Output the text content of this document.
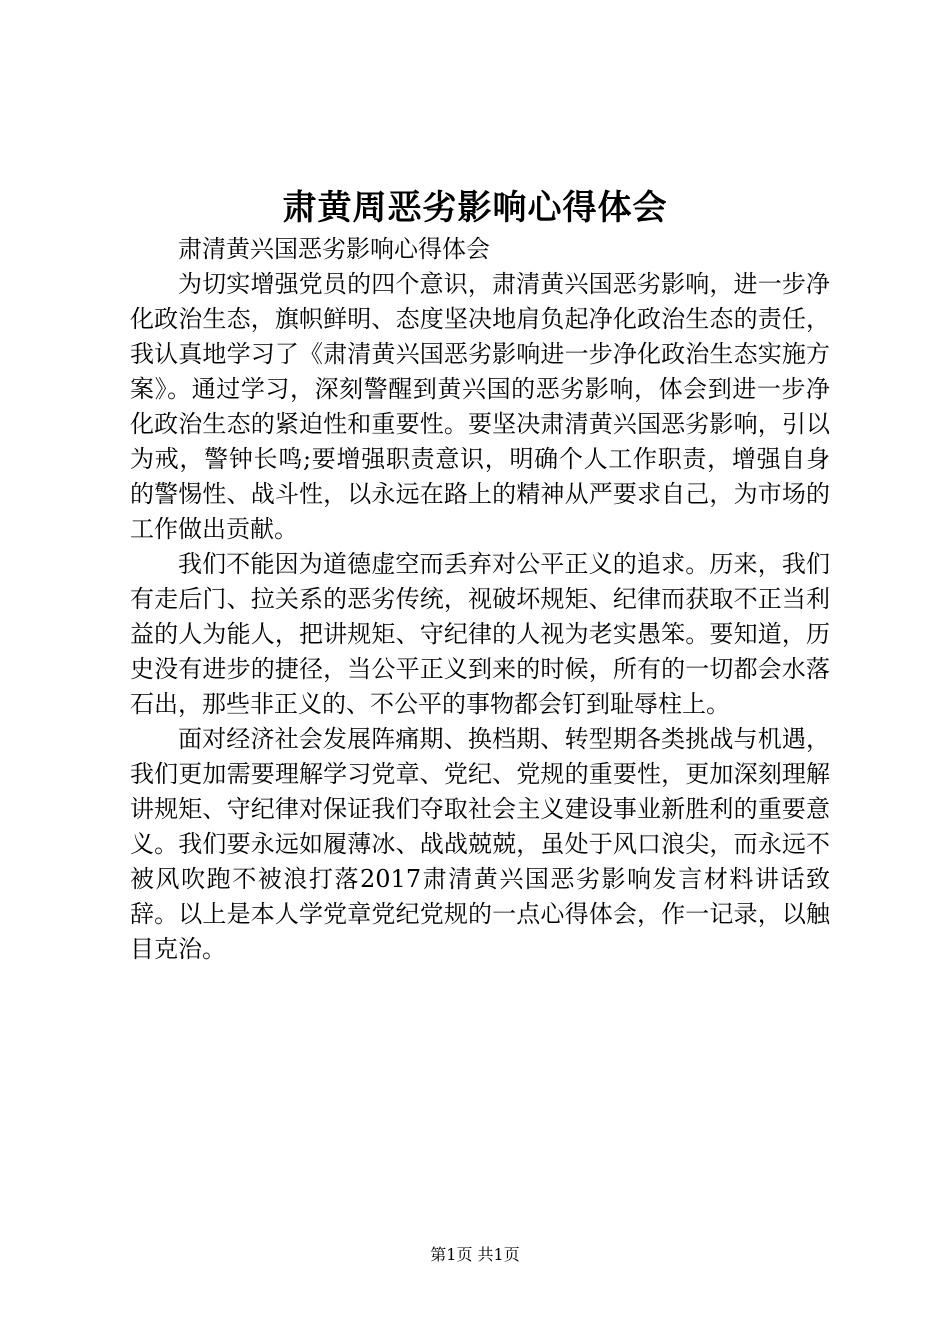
肃黄周恶劣影响心得体会

肃清黄兴国恶劣影响心得体会

为切实增强党员的四个意识，肃清黄兴国恶劣影响，进一步净化政治生态，旗帜鲜明、态度坚决地肩负起净化政治生态的责任，我认真地学习了《肃清黄兴国恶劣影响进一步净化政治生态实施方案》。通过学习，深刻警醒到黄兴国的恶劣影响，体会到进一步净化政治生态的紧迫性和重要性。要坚决肃清黄兴国恶劣影响，引以为戒，警钟长鸣;要增强职责意识，明确个人工作职责，增强自身的警惕性、战斗性，以永远在路上的精神从严要求自己，为市场的工作做出贡献。

我们不能因为道德虚空而丢弃对公平正义的追求。历来，我们有走后门、拉关系的恶劣传统，视破坏规矩、纪律而获取不正当利益的人为能人，把讲规矩、守纪律的人视为老实愚笨。要知道，历史没有进步的捷径，当公平正义到来的时候，所有的一切都会水落石出，那些非正义的、不公平的事物都会钉到耻辱柱上。

面对经济社会发展阵痛期、换档期、转型期各类挑战与机遇，我们更加需要理解学习党章、党纪、党规的重要性，更加深刻理解讲规矩、守纪律对保证我们夺取社会主义建设事业新胜利的重要意义。我们要永远如履薄冰、战战兢兢，虽处于风口浪尖，而永远不被风吹跑不被浪打落2017肃清黄兴国恶劣影响发言材料讲话致辞。以上是本人学党章党纪党规的一点心得体会，作一记录，以触目克治。

第1页 共1页
